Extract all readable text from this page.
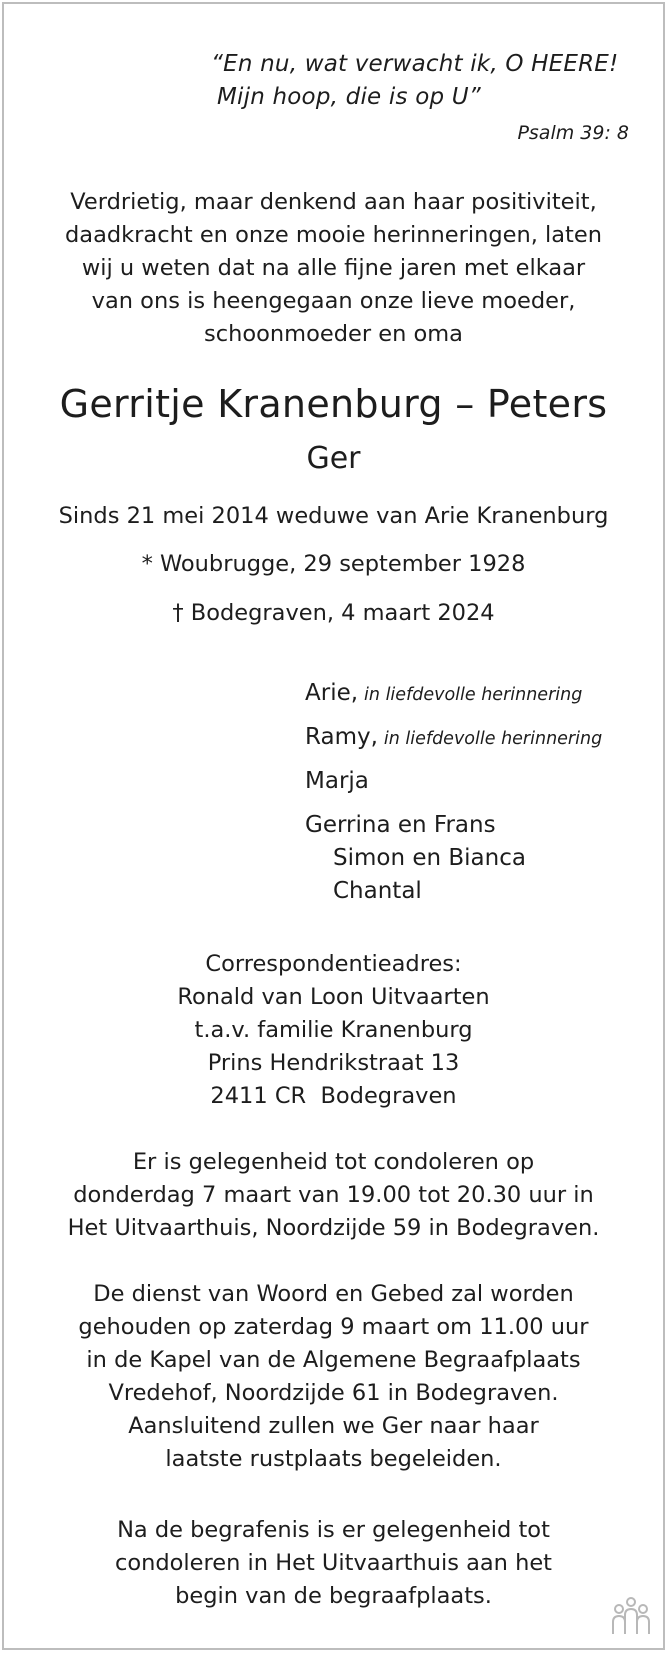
“En nu, wat verwacht ik, O HEERE!
Mijn hoop, die is op U”
Psalm 39: 8
Verdrietig, maar denkend aan haar positiviteit,
daadkracht en onze mooie herinneringen, laten
wij u weten dat na alle fijne jaren met elkaar
van ons is heengegaan onze lieve moeder,
schoonmoeder en oma
Gerritje Kranenburg – Peters
Ger
Sinds 21 mei 2014 weduwe van Arie Kranenburg
* Woubrugge, 29 september 1928
† Bodegraven, 4 maart 2024
Arie, in liefdevolle herinnering
Ramy, in liefdevolle herinnering
Marja
Gerrina en Frans
Simon en Bianca
Chantal
Correspondentieadres:
Ronald van Loon Uitvaarten
t.a.v. familie Kranenburg
Prins Hendrikstraat 13
2411 CR  Bodegraven
Er is gelegenheid tot condoleren op
donderdag 7 maart van 19.00 tot 20.30 uur in
Het Uitvaarthuis, Noordzijde 59 in Bodegraven.
De dienst van Woord en Gebed zal worden
gehouden op zaterdag 9 maart om 11.00 uur
in de Kapel van de Algemene Begraafplaats
Vredehof, Noordzijde 61 in Bodegraven.
Aansluitend zullen we Ger naar haar
laatste rustplaats begeleiden.
Na de begrafenis is er gelegenheid tot
condoleren in Het Uitvaarthuis aan het
begin van de begraafplaats.
